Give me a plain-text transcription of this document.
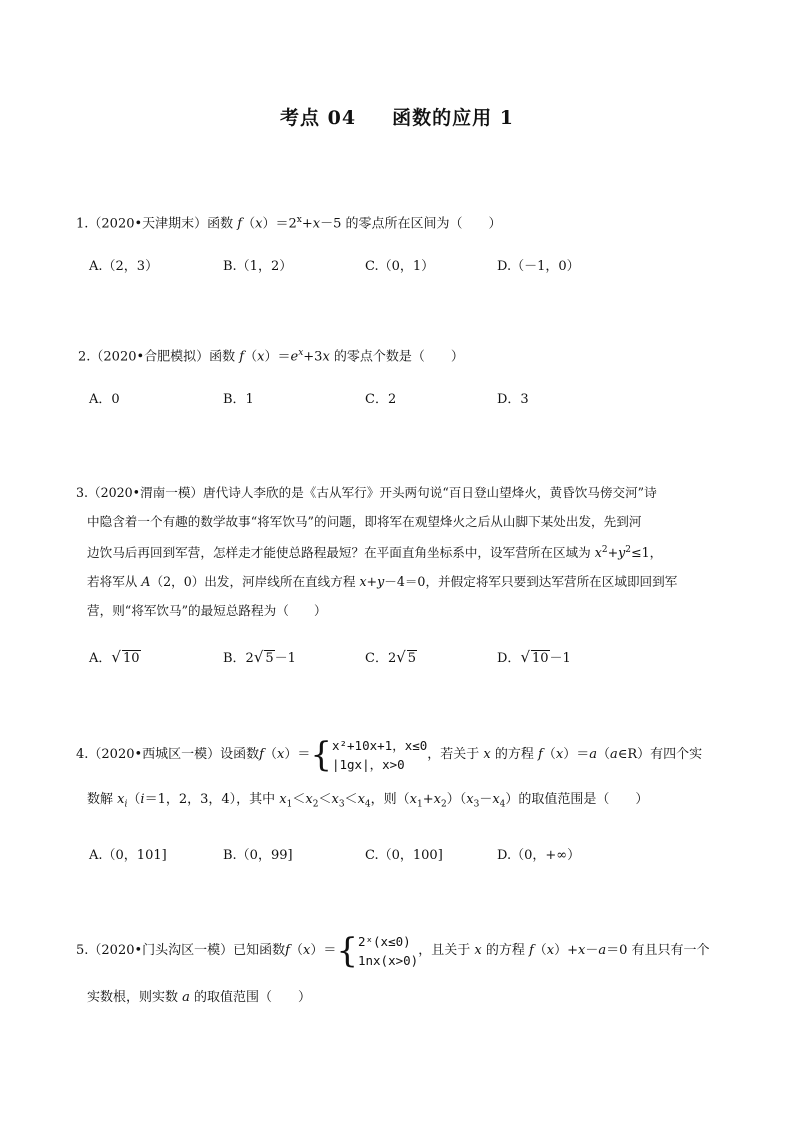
考点 04 函数的应用 1
1.（2020•天津期末）函数 $f(x)=2^x+x-5$ 的零点所在区间为（　　）
A.（2，3）	B.（1，2）	C.（0，1）	D.（－1，0）
2.（2020•合肥模拟）函数 $f(x)=e^x+3x$ 的零点个数是（　　）
A．0	B．1	C．2	D．3
3.（2020•渭南一模）唐代诗人李欣的是《古从军行》开头两句说“百日登山望烽火，黄昏饮马傍交河”诗
中隐含着一个有趣的数学故事“将军饮马”的问题，即将军在观望烽火之后从山脚下某处出发，先到河
边饮马后再回到军营，怎样走才能使总路程最短？在平面直角坐标系中，设军营所在区域为 $x^2+y^2\le 1$，
若将军从 A（2，0）出发，河岸线所在直线方程 x+y－4＝0，并假定将军只要到达军营所在区域即回到军
营，则“将军饮马”的最短总路程为（　　）
A．√ 10	B．2√ 5－1	C．2√ 5	D．√ 10－1
4.（2020•西城区一模）设函数f（x）＝{ x²+10x+1，x≤0
|1gx|，x>0
，若关于 x 的方程 f（x）＝a（a∈R）有四个实
数解 $x_i(i=1$，2，3，4），其中 $x_1<x_2<x_3<x_4$，则$(x_1+x_2)(x_3-x_4)$的取值范围是（　　）
A.（0，101]	B.（0，99]	C.（0，100]	D.（0，+∞）
5.（2020•门头沟区一模）已知函数f（x）＝{ 2ˣ(x≤0)
1nx(x>0)
，且关于 x 的方程 f（x）+x－a＝0 有且只有一个
实数根，则实数 a 的取值范围（　　）
